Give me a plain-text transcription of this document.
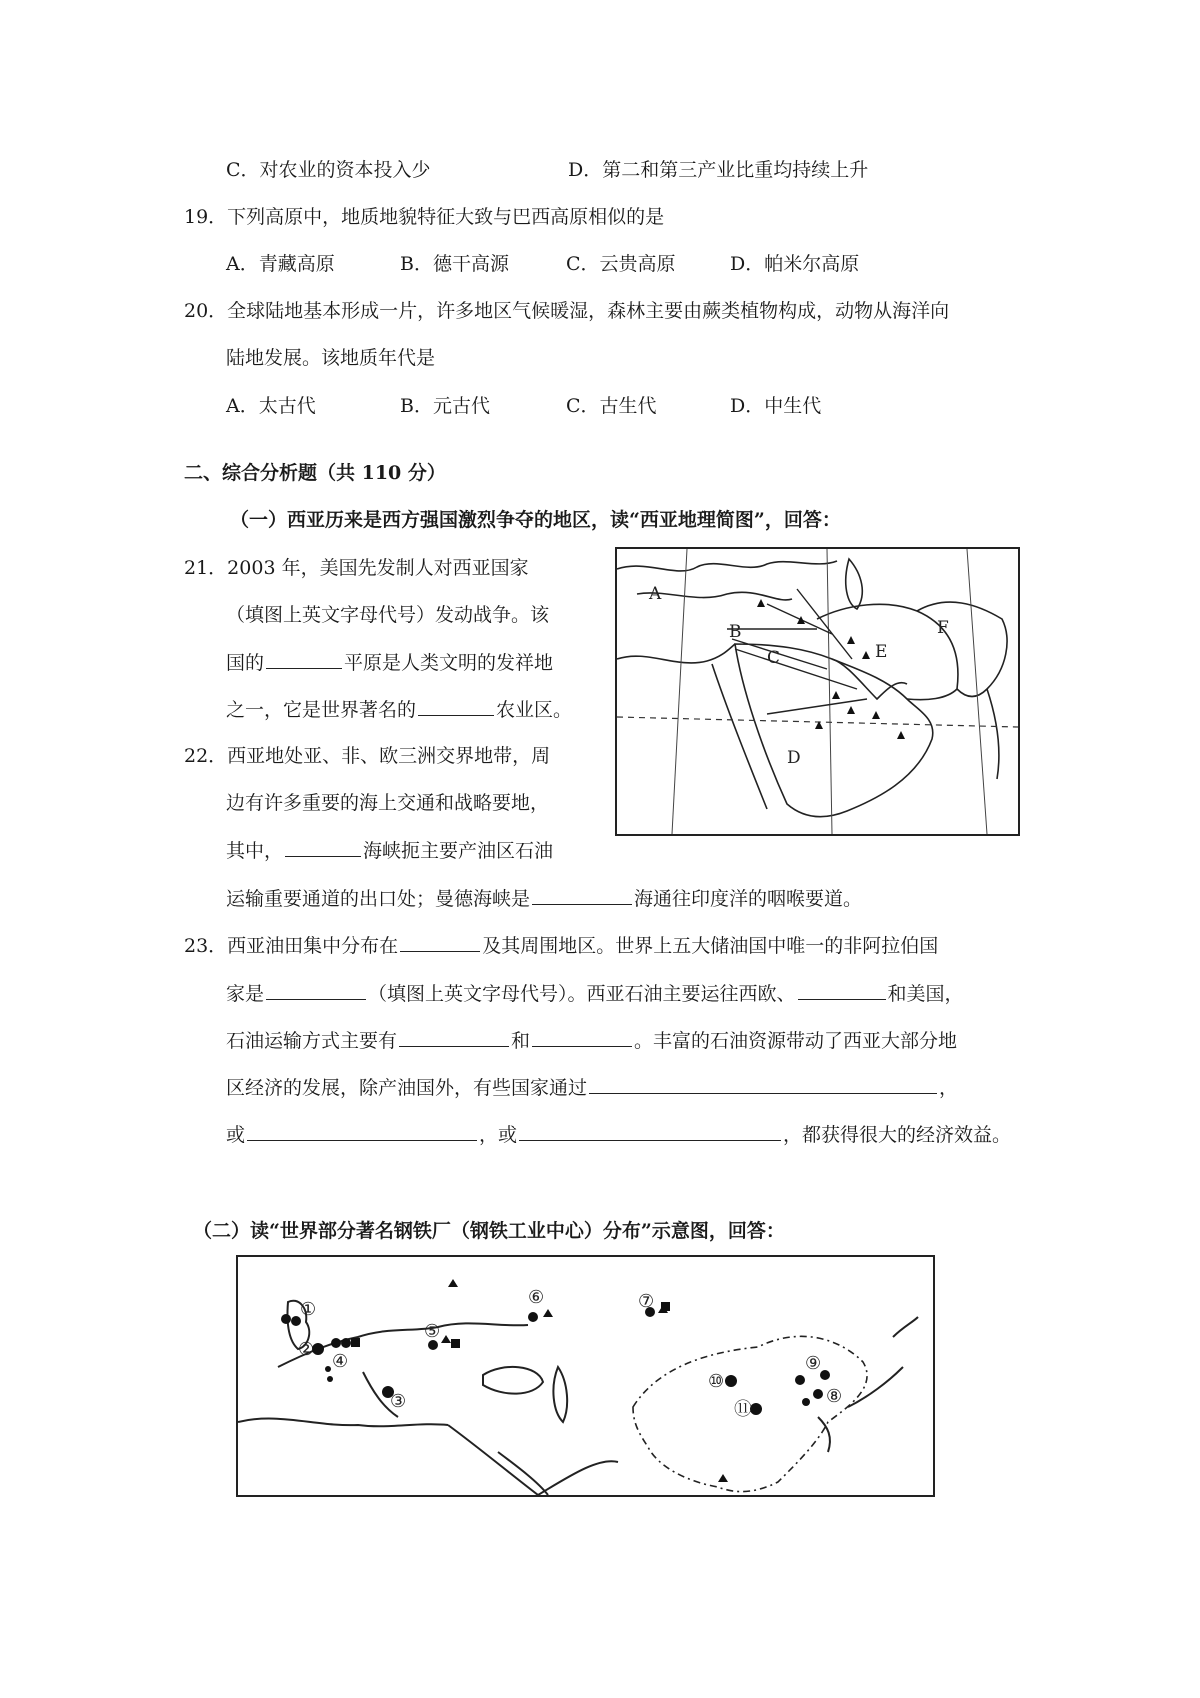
C．对农业的资本投入少	D．第二和第三产业比重均持续上升
19．下列高原中，地质地貌特征大致与巴西高原相似的是
A．青藏高原	B．德干高源	C．云贵高原	D．帕米尔高原
20．全球陆地基本形成一片，许多地区气候暖湿，森林主要由蕨类植物构成，动物从海洋向
陆地发展。该地质年代是
A．太古代	B．元古代	C．古生代	D．中生代
二、综合分析题（共 110 分）
（一）西亚历来是西方强国激烈争夺的地区，读“西亚地理简图”，回答：
21．2003 年，美国先发制人对西亚国家
（填图上英文字母代号）发动战争。该
国的	平原是人类文明的发祥地
之一，它是世界著名的	农业区。
22．西亚地处亚、非、欧三洲交界地带，周
边有许多重要的海上交通和战略要地，
其中，	海峡扼主要产油区石油
运输重要通道的出口处；曼德海峡是	海通往印度洋的咽喉要道。
23．西亚油田集中分布在	及其周围地区。世界上五大储油国中唯一的非阿拉伯国
家是	（填图上英文字母代号）。西亚石油主要运往西欧、	和美国，
石油运输方式主要有	和	。丰富的石油资源带动了西亚大部分地
区经济的发展，除产油国外，有些国家通过	，
或	，或	，都获得很大的经济效益。
（二）读“世界部分著名钢铁厂（钢铁工业中心）分布”示意图，回答：
A
B
C
D
E
F
①
②
③
④
⑤
⑥	⑦
⑧
⑨
⑩
⑪
